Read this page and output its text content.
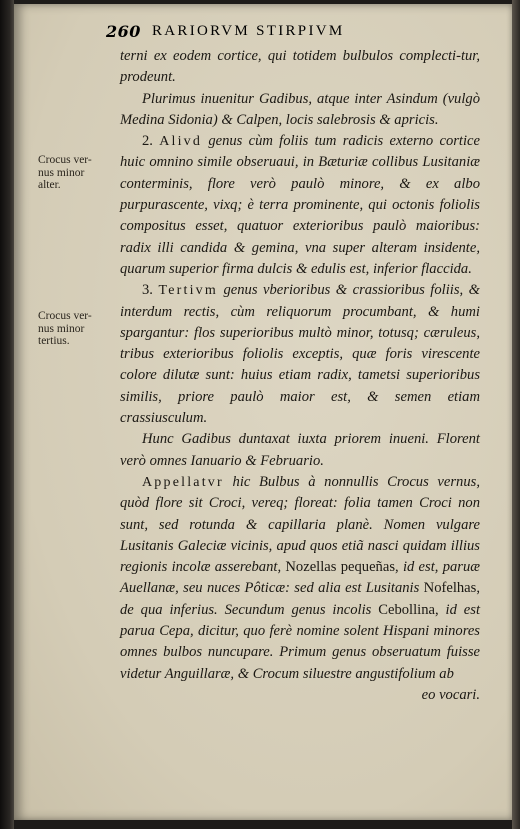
260 RARIORVM STIRPIVM
Crocus ver-
nus minor
alter.
Crocus ver-
nus minor
tertius.

terni ex eodem cortice, qui totidem bulbulos complecti-tur, prodeunt.

Plurimus inuenitur Gadibus, atque inter Asindum (vulgò Medina Sidonia) & Calpen, locis salebrosis & apricis.

2. Alivd genus cùm foliis tum radicis externo cortice huic omnino simile obseruaui, in Bæturiæ collibus Lusitaniæ conterminis, flore verò paulò minore, & ex albo purpurascente, vixq; è terra prominente, qui octonis foliolis compositus esset, quatuor exterioribus paulò maioribus: radix illi candida & gemina, vna super alteram insidente, quarum superior firma dulcis & edulis est, inferior flaccida.

3. Tertivm genus vberioribus & crassioribus foliis, & interdum rectis, cùm reliquorum procumbant, & humi spargantur: flos superioribus multò minor, totusq; cæruleus, tribus exterioribus foliolis exceptis, quæ foris virescente colore dilutæ sunt: huius etiam radix, tametsi superioribus similis, priore paulò maior est, & semen etiam crassiusculum.

Hunc Gadibus duntaxat iuxta priorem inueni. Florent verò omnes Ianuario & Februario.

Appellatvr hic Bulbus à nonnullis Crocus vernus, quòd flore sit Croci, vereq; floreat: folia tamen Croci non sunt, sed rotunda & capillaria planè. Nomen vulgare Lusitanis Galeciæ vicinis, apud quos etiã nasci quidam illius regionis incolæ asserebant, Nozellas pequeñas, id est, paruæ Auellanæ, seu nuces Pôticæ: sed alia est Lusitanis Nofelhas, de qua inferius. Secundum genus incolis Cebollina, id est parua Cepa, dicitur, quo ferè nomine solent Hispani minores omnes bulbos nuncupare. Primum genus obseruatum fuisse videtur Anguillaræ, & Crocum siluestre angustifolium ab

eo vocari.
